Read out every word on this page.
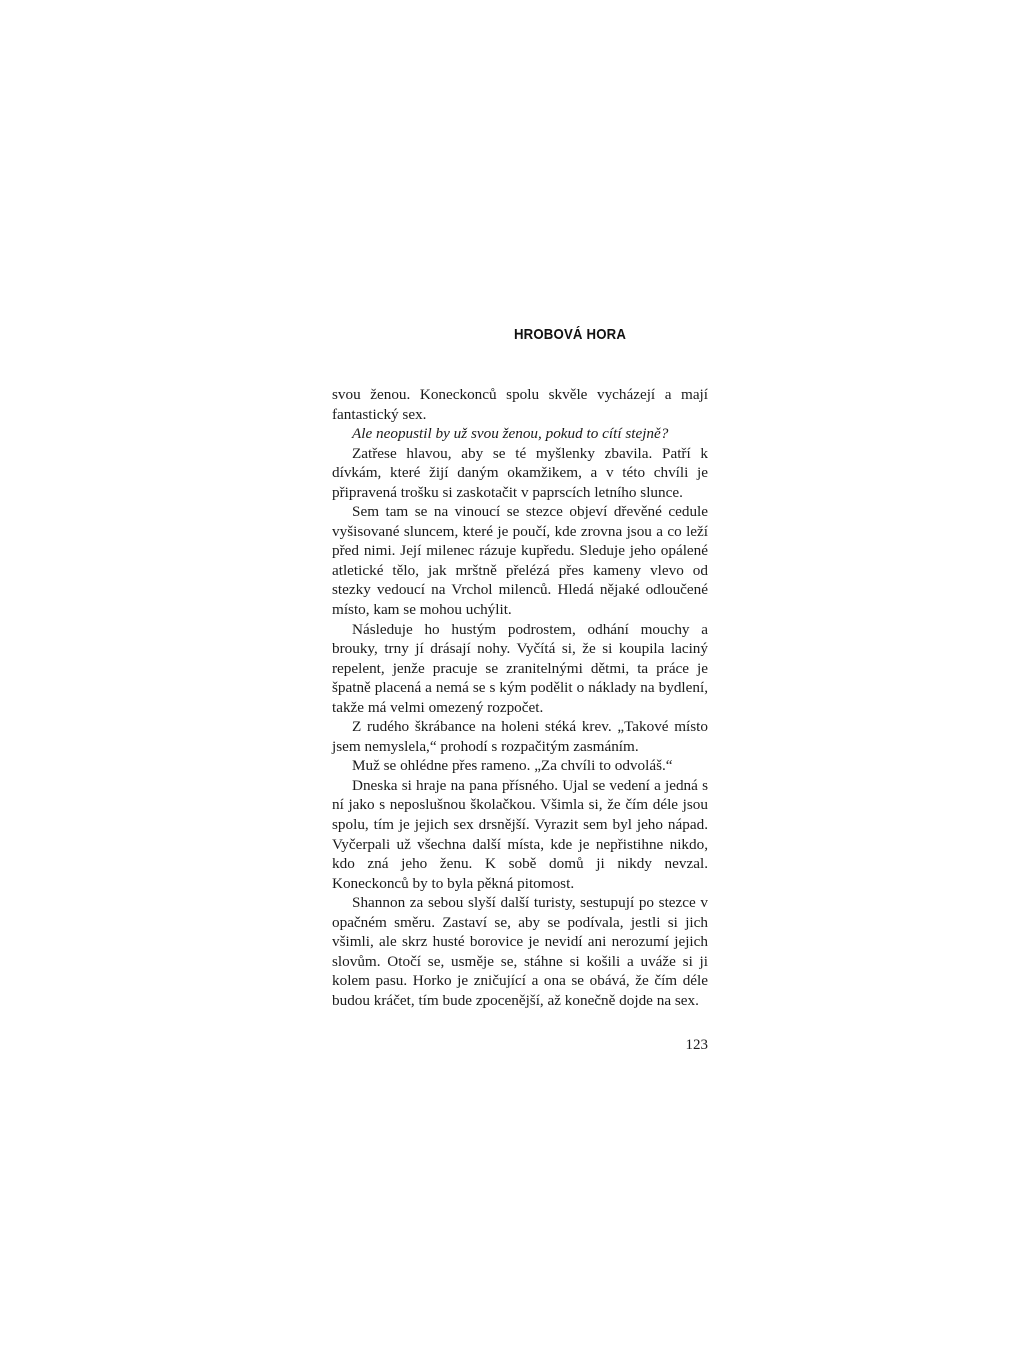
HROBOVÁ HORA

svou ženou. Koneckonců spolu skvěle vycházejí a mají fantastický sex.

Ale neopustil by už svou ženou, pokud to cítí stejně?

Zatřese hlavou, aby se té myšlenky zbavila. Patří k dívkám, které žijí daným okamžikem, a v této chvíli je připravená trošku si zaskotačit v paprscích letního slunce.

Sem tam se na vinoucí se stezce objeví dřevěné cedule vyšisované sluncem, které je poučí, kde zrovna jsou a co leží před nimi. Její milenec rázuje kupředu. Sleduje jeho opálené atletické tělo, jak mrštně přelézá přes kameny vlevo od stezky vedoucí na Vrchol milenců. Hledá nějaké odloučené místo, kam se mohou uchýlit.

Následuje ho hustým podrostem, odhání mouchy a brouky, trny jí drásají nohy. Vyčítá si, že si koupila laciný repelent, jenže pracuje se zranitelnými dětmi, ta práce je špatně placená a nemá se s kým podělit o náklady na bydlení, takže má velmi omezený rozpočet.

Z rudého škrábance na holeni stéká krev. „Takové místo jsem nemyslela,“ prohodí s rozpačitým zasmáním.

Muž se ohlédne přes rameno. „Za chvíli to odvoláš.“

Dneska si hraje na pana přísného. Ujal se vedení a jedná s ní jako s neposlušnou školačkou. Všimla si, že čím déle jsou spolu, tím je jejich sex drsnější. Vyrazit sem byl jeho nápad. Vyčerpali už všechna další místa, kde je nepřistihne nikdo, kdo zná jeho ženu. K sobě domů ji nikdy nevzal. Koneckonců by to byla pěkná pitomost.

Shannon za sebou slyší další turisty, sestupují po stezce v opačném směru. Zastaví se, aby se podívala, jestli si jich všimli, ale skrz husté borovice je nevidí ani nerozumí jejich slovům. Otočí se, usměje se, stáhne si košili a uváže si ji kolem pasu. Horko je zničující a ona se obává, že čím déle budou kráčet, tím bude zpocenější, až konečně dojde na sex.

123
